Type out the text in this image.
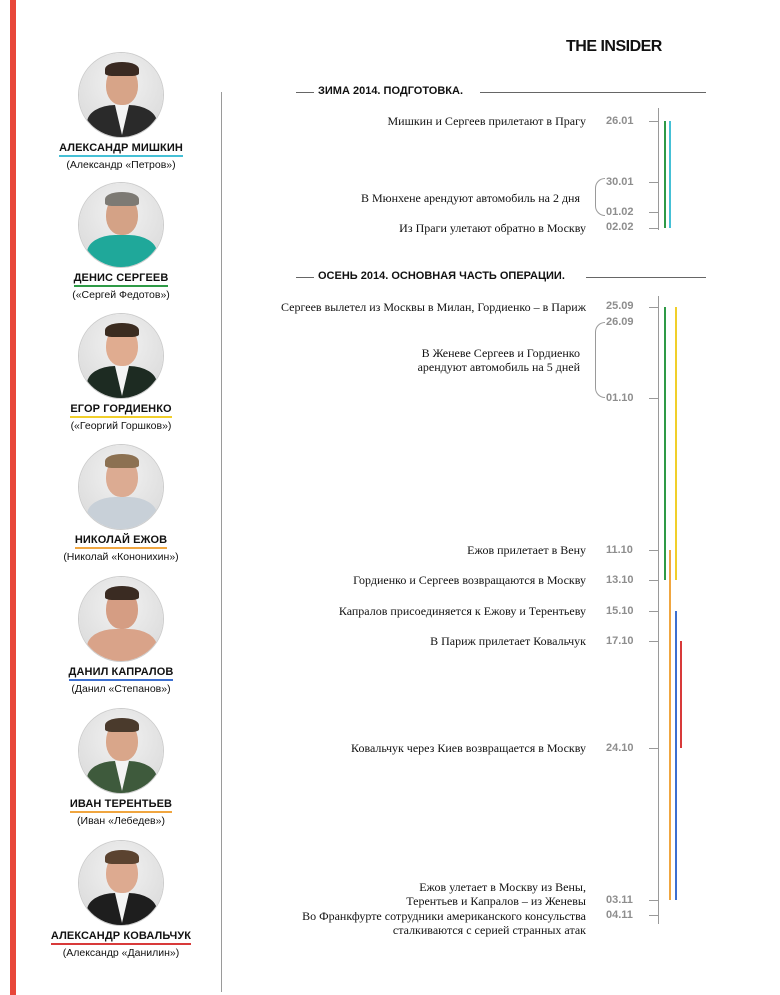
THE INSIDER
АЛЕКСАНДР МИШКИН
(Александр «Петров»)
ДЕНИС СЕРГЕЕВ
(«Сергей Федотов»)
ЕГОР ГОРДИЕНКО
(«Георгий Горшков»)
НИКОЛАЙ ЕЖОВ
(Николай «Кононихин»)
ДАНИЛ КАПРАЛОВ
(Данил «Степанов»)
ИВАН ТЕРЕНТЬЕВ
(Иван «Лебедев»)
АЛЕКСАНДР КОВАЛЬЧУК
(Александр «Данилин»)
ЗИМА 2014. ПОДГОТОВКА.
ОСЕНЬ 2014. ОСНОВНАЯ ЧАСТЬ ОПЕРАЦИИ.
26.01
30.01
01.02
02.02
25.09
26.09
01.10
11.10
13.10
15.10
17.10
24.10
03.11
04.11
Мишкин и Сергеев прилетают в Прагу
В Мюнхене арендуют автомобиль на 2 дня
Из Праги улетают обратно в Москву
Сергеев вылетел из Москвы в Милан, Гордиенко – в Париж
В Женеве Сергеев и Гордиенко
арендуют автомобиль на 5 дней
Ежов прилетает в Вену
Гордиенко и Сергеев возвращаются в Москву
Капралов присоединяется к Ежову и Терентьеву
В Париж прилетает Ковальчук
Ковальчук через Киев возвращается в Москву
Ежов улетает в Москву из Вены,
Терентьев и Капралов – из Женевы
Во Франкфурте сотрудники американского консульства
сталкиваются с серией странных атак
